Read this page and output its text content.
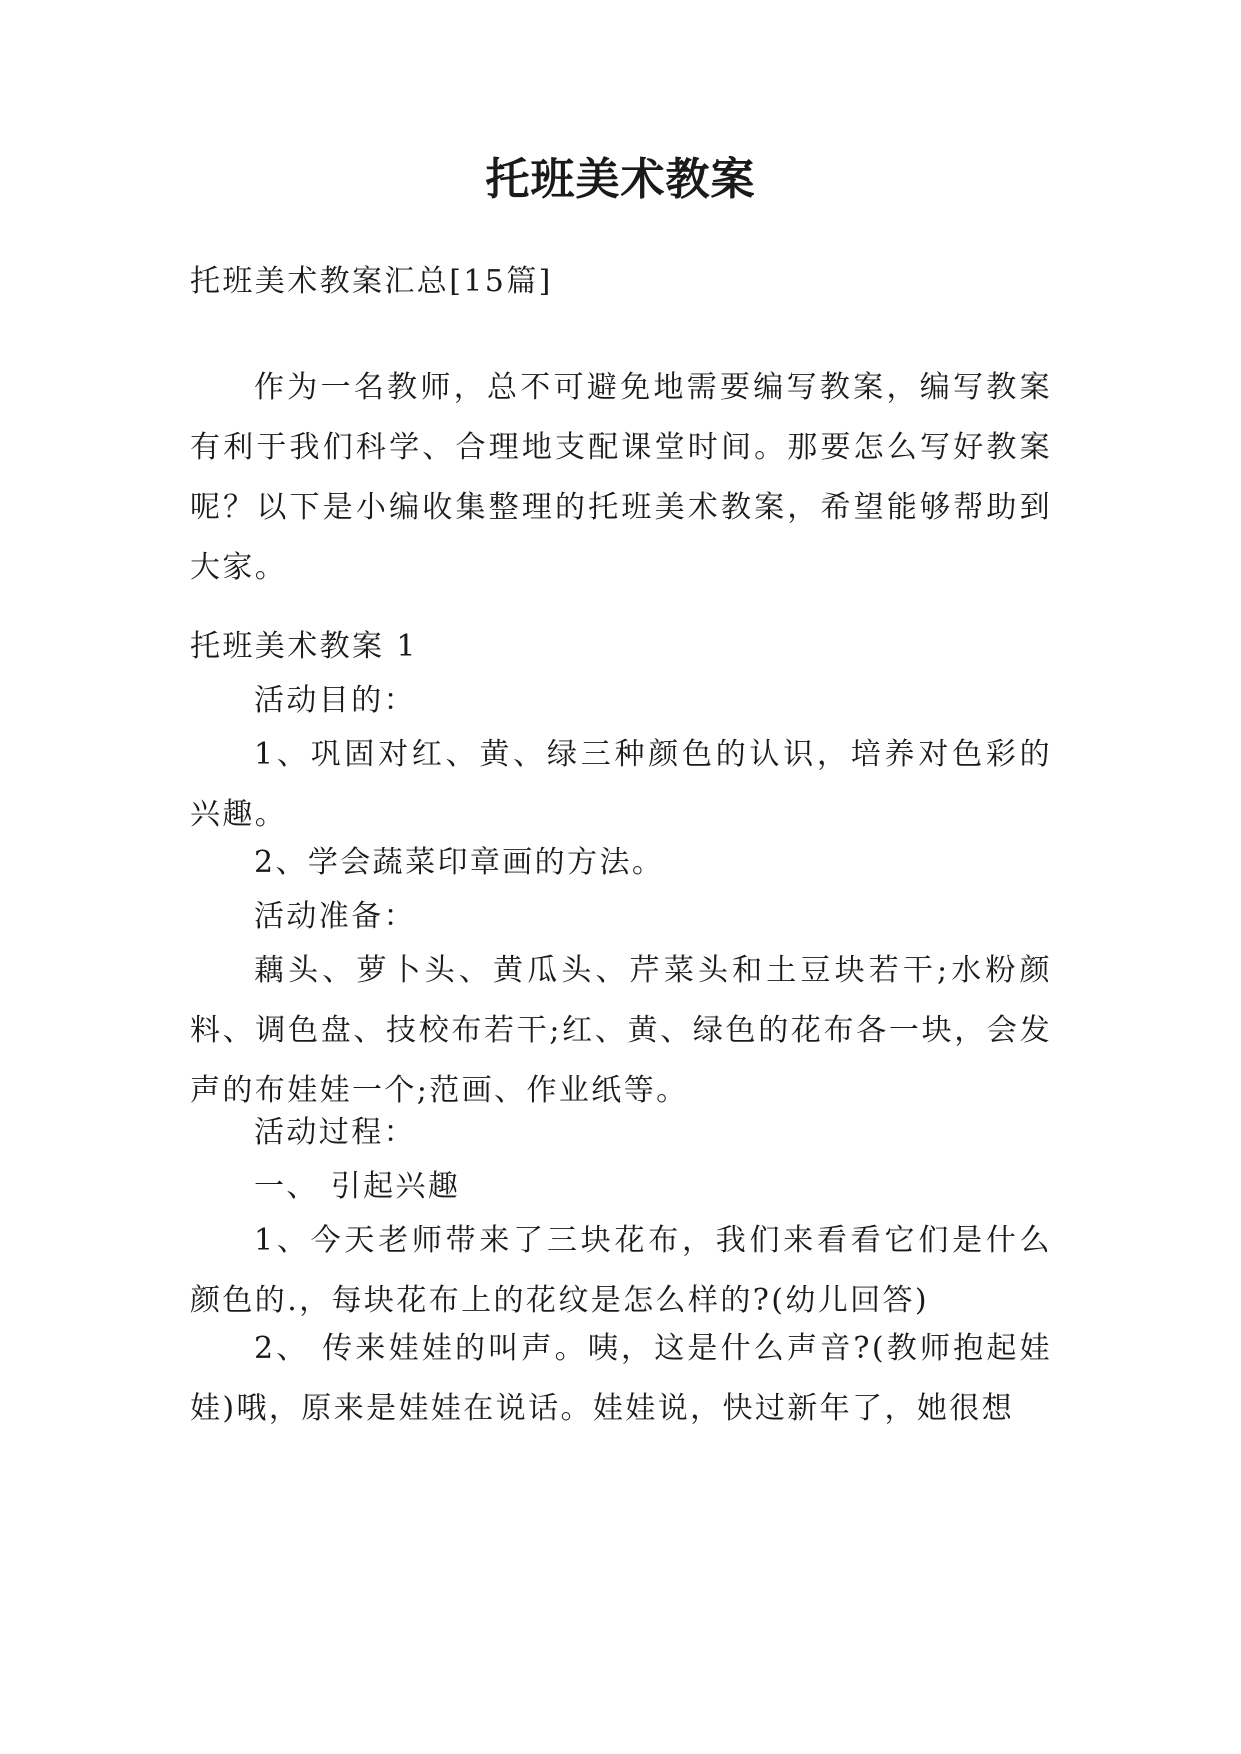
托班美术教案
托班美术教案汇总[15篇]

作为一名教师，总不可避免地需要编写教案，编写教案有利于我们科学、合理地支配课堂时间。那要怎么写好教案呢？以下是小编收集整理的托班美术教案，希望能够帮助到大家。

托班美术教案 1
活动目的：

1、巩固对红、黄、绿三种颜色的认识，培养对色彩的兴趣。

2、学会蔬菜印章画的方法。
活动准备：

藕头、萝卜头、黄瓜头、芹菜头和土豆块若干;水粉颜料、调色盘、技校布若干;红、黄、绿色的花布各一块，会发声的布娃娃一个;范画、作业纸等。

活动过程：
一、 引起兴趣

1、今天老师带来了三块花布，我们来看看它们是什么颜色的.，每块花布上的花纹是怎么样的?(幼儿回答)

2、 传来娃娃的叫声。咦，这是什么声音?(教师抱起娃娃)哦，原来是娃娃在说话。娃娃说，快过新年了，她很想
